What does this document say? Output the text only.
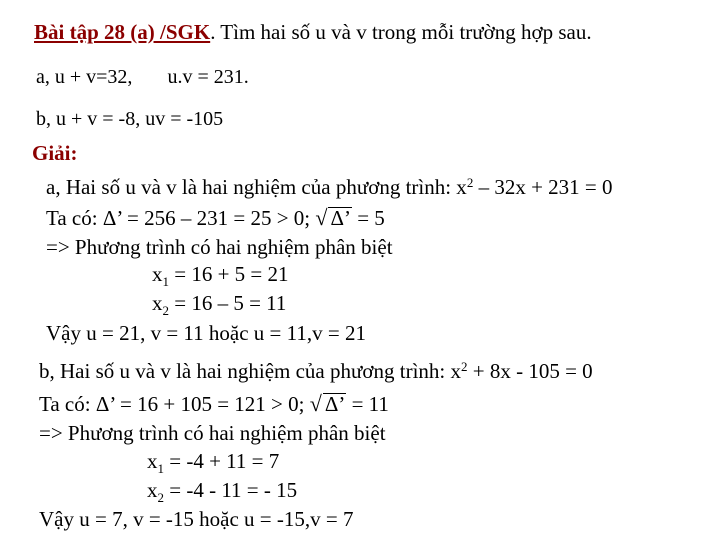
Bài tập 28 (a) /SGK. Tìm hai số u và v trong mỗi trường hợp sau.
a, u + v=32, u.v = 231.
b, u + v = -8, uv = -105
Giải:
a, Hai số u và v là hai nghiệm của phương trình: $x^2 - 32x + 231 = 0$
Ta có: Δ’ = 256 – 231 = 25 > 0; √ Δ’ = 5
=> Phương trình có hai nghiệm phân biệt
$x_1 = 16 + 5 = 21$
$x_2 = 16 - 5 = 11$
Vậy u = 21, v = 11 hoặc u = 11,v = 21
b, Hai số u và v là hai nghiệm của phương trình: $x^2 + 8x - 105 = 0$
Ta có: Δ’ = 16 + 105 = 121 > 0; √ Δ’ = 11
=> Phương trình có hai nghiệm phân biệt
$x_1 = -4 + 11 = 7$
$x_2 = -4 - 11$ = - 15
Vậy u = 7, v = -15 hoặc u = -15,v = 7
